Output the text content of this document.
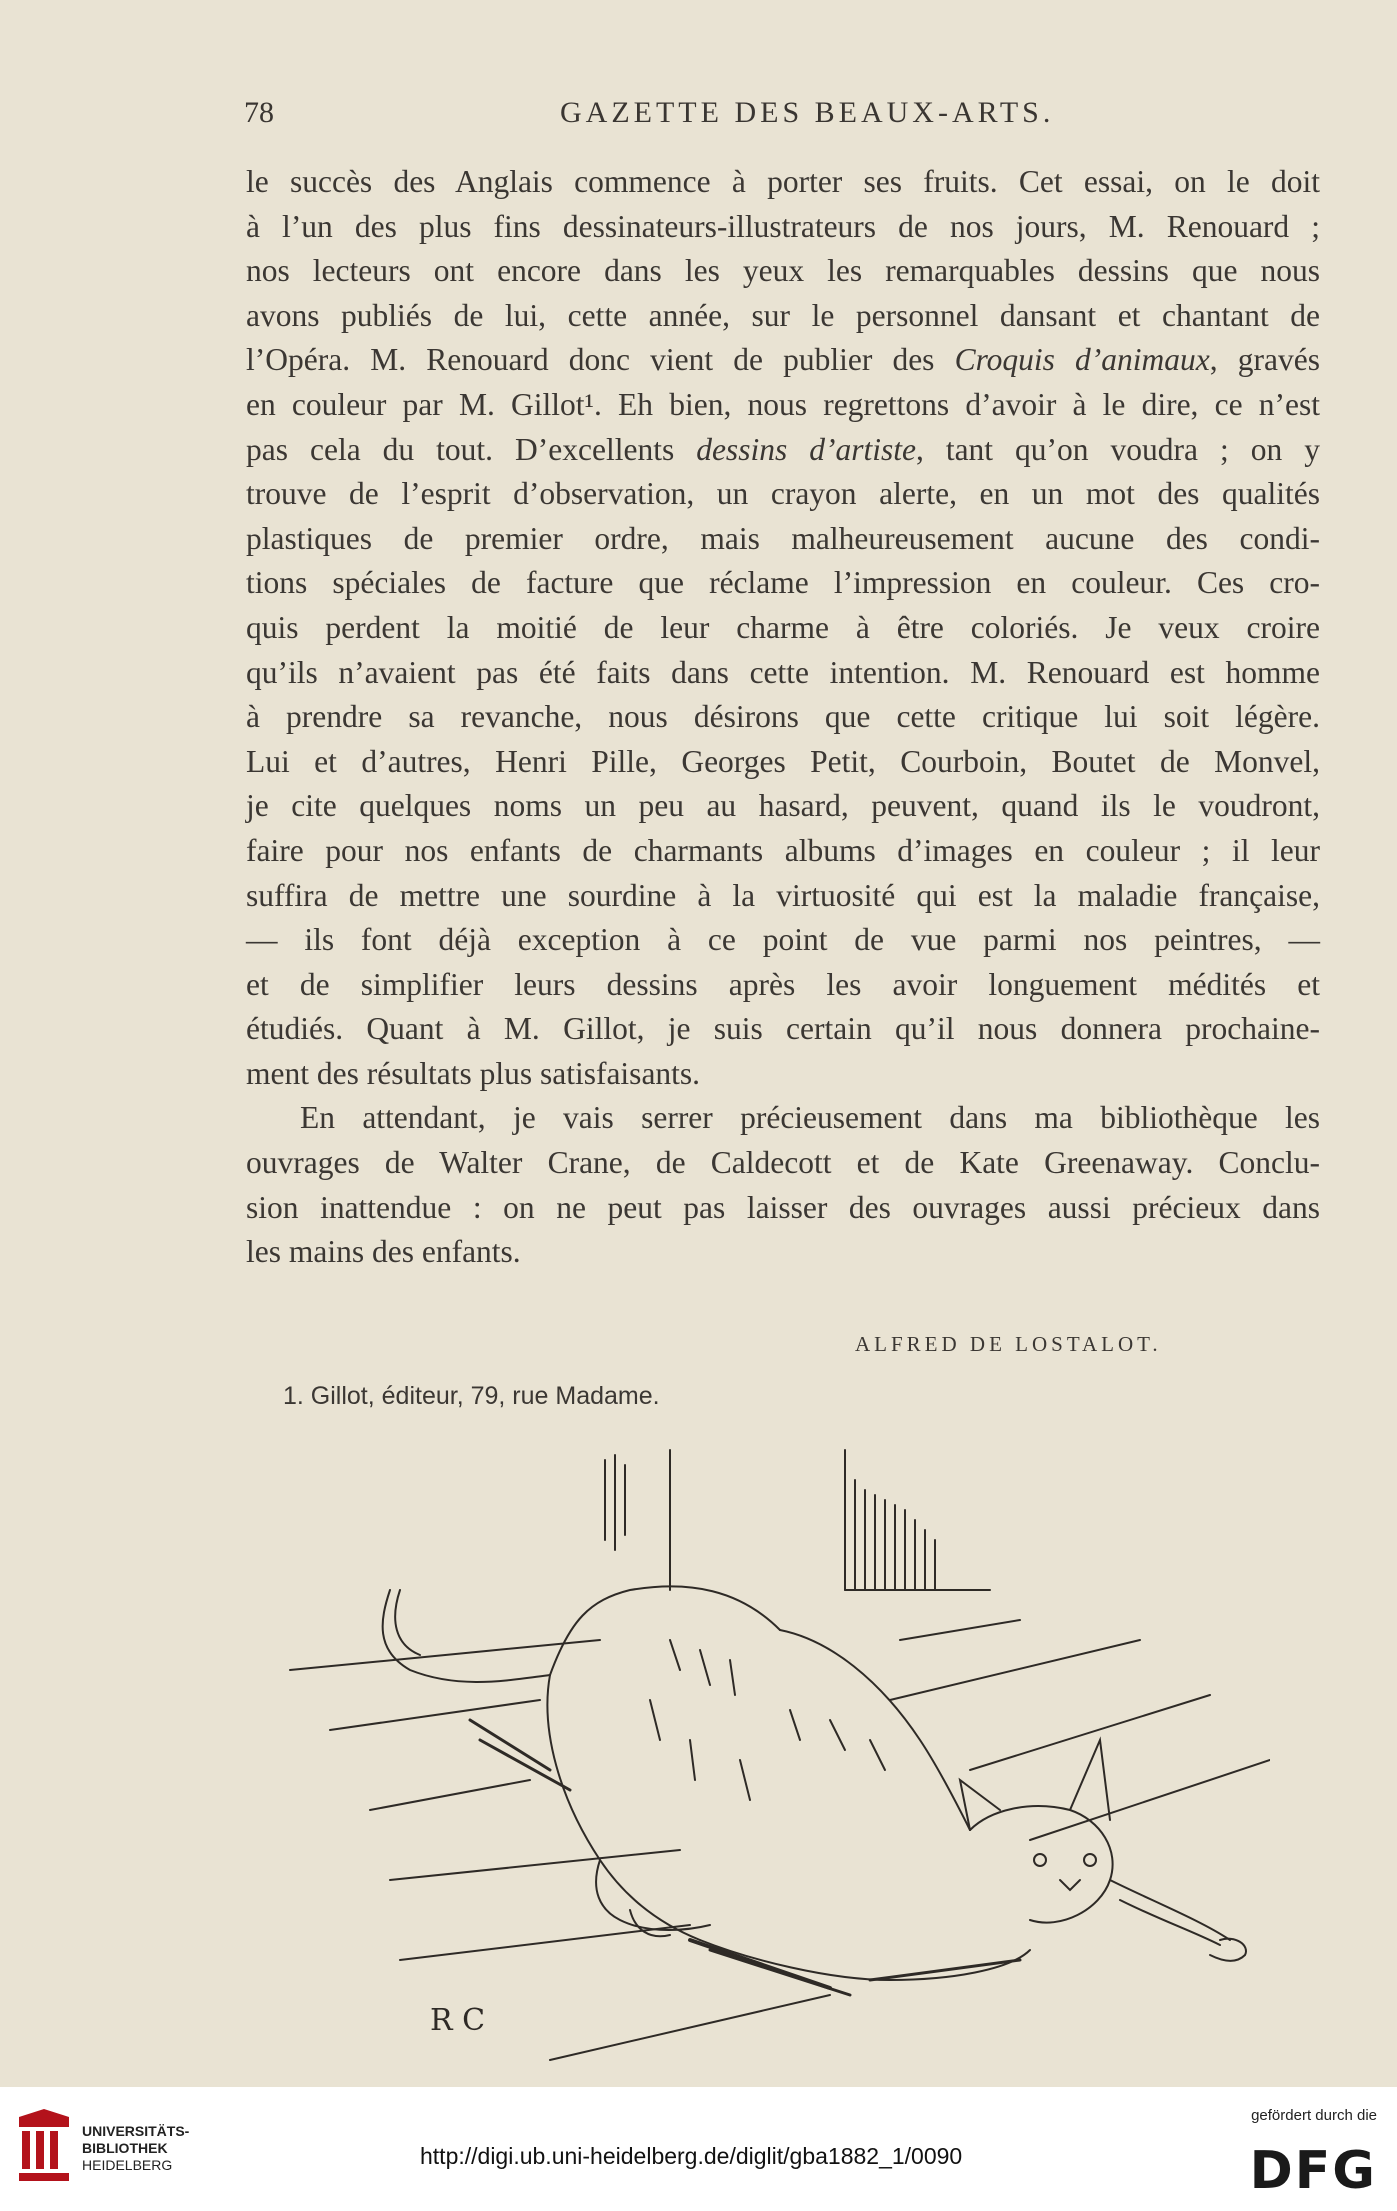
78	GAZETTE DES BEAUX-ARTS.
le succès des Anglais commence à porter ses fruits. Cet essai, on le doit
à l’un des plus fins dessinateurs-illustrateurs de nos jours, M. Renouard ;
nos lecteurs ont encore dans les yeux les remarquables dessins que nous
avons publiés de lui, cette année, sur le personnel dansant et chantant de
l’Opéra. M. Renouard donc vient de publier des Croquis d’animaux, gravés
en couleur par M. Gillot¹. Eh bien, nous regrettons d’avoir à le dire, ce n’est
pas cela du tout. D’excellents dessins d’artiste, tant qu’on voudra ; on y
trouve de l’esprit d’observation, un crayon alerte, en un mot des qualités
plastiques de premier ordre, mais malheureusement aucune des condi-
tions spéciales de facture que réclame l’impression en couleur. Ces cro-
quis perdent la moitié de leur charme à être coloriés. Je veux croire
qu’ils n’avaient pas été faits dans cette intention. M. Renouard est homme
à prendre sa revanche, nous désirons que cette critique lui soit légère.
Lui et d’autres, Henri Pille, Georges Petit, Courboin, Boutet de Monvel,
je cite quelques noms un peu au hasard, peuvent, quand ils le voudront,
faire pour nos enfants de charmants albums d’images en couleur ; il leur
suffira de mettre une sourdine à la virtuosité qui est la maladie française,
— ils font déjà exception à ce point de vue parmi nos peintres, —
et de simplifier leurs dessins après les avoir longuement médités et
étudiés. Quant à M. Gillot, je suis certain qu’il nous donnera prochaine-
ment des résultats plus satisfaisants.
En attendant, je vais serrer précieusement dans ma bibliothèque les
ouvrages de Walter Crane, de Caldecott et de Kate Greenaway. Conclu-
sion inattendue : on ne peut pas laisser des ouvrages aussi précieux dans
les mains des enfants.
ALFRED DE LOSTALOT.
1. Gillot, éditeur, 79, rue Madame.
R C
UNIVERSITÄTS-
BIBLIOTHEK
HEIDELBERG	http://digi.ub.uni-heidelberg.de/diglit/gba1882_1/0090
gefördert durch die
DFG
